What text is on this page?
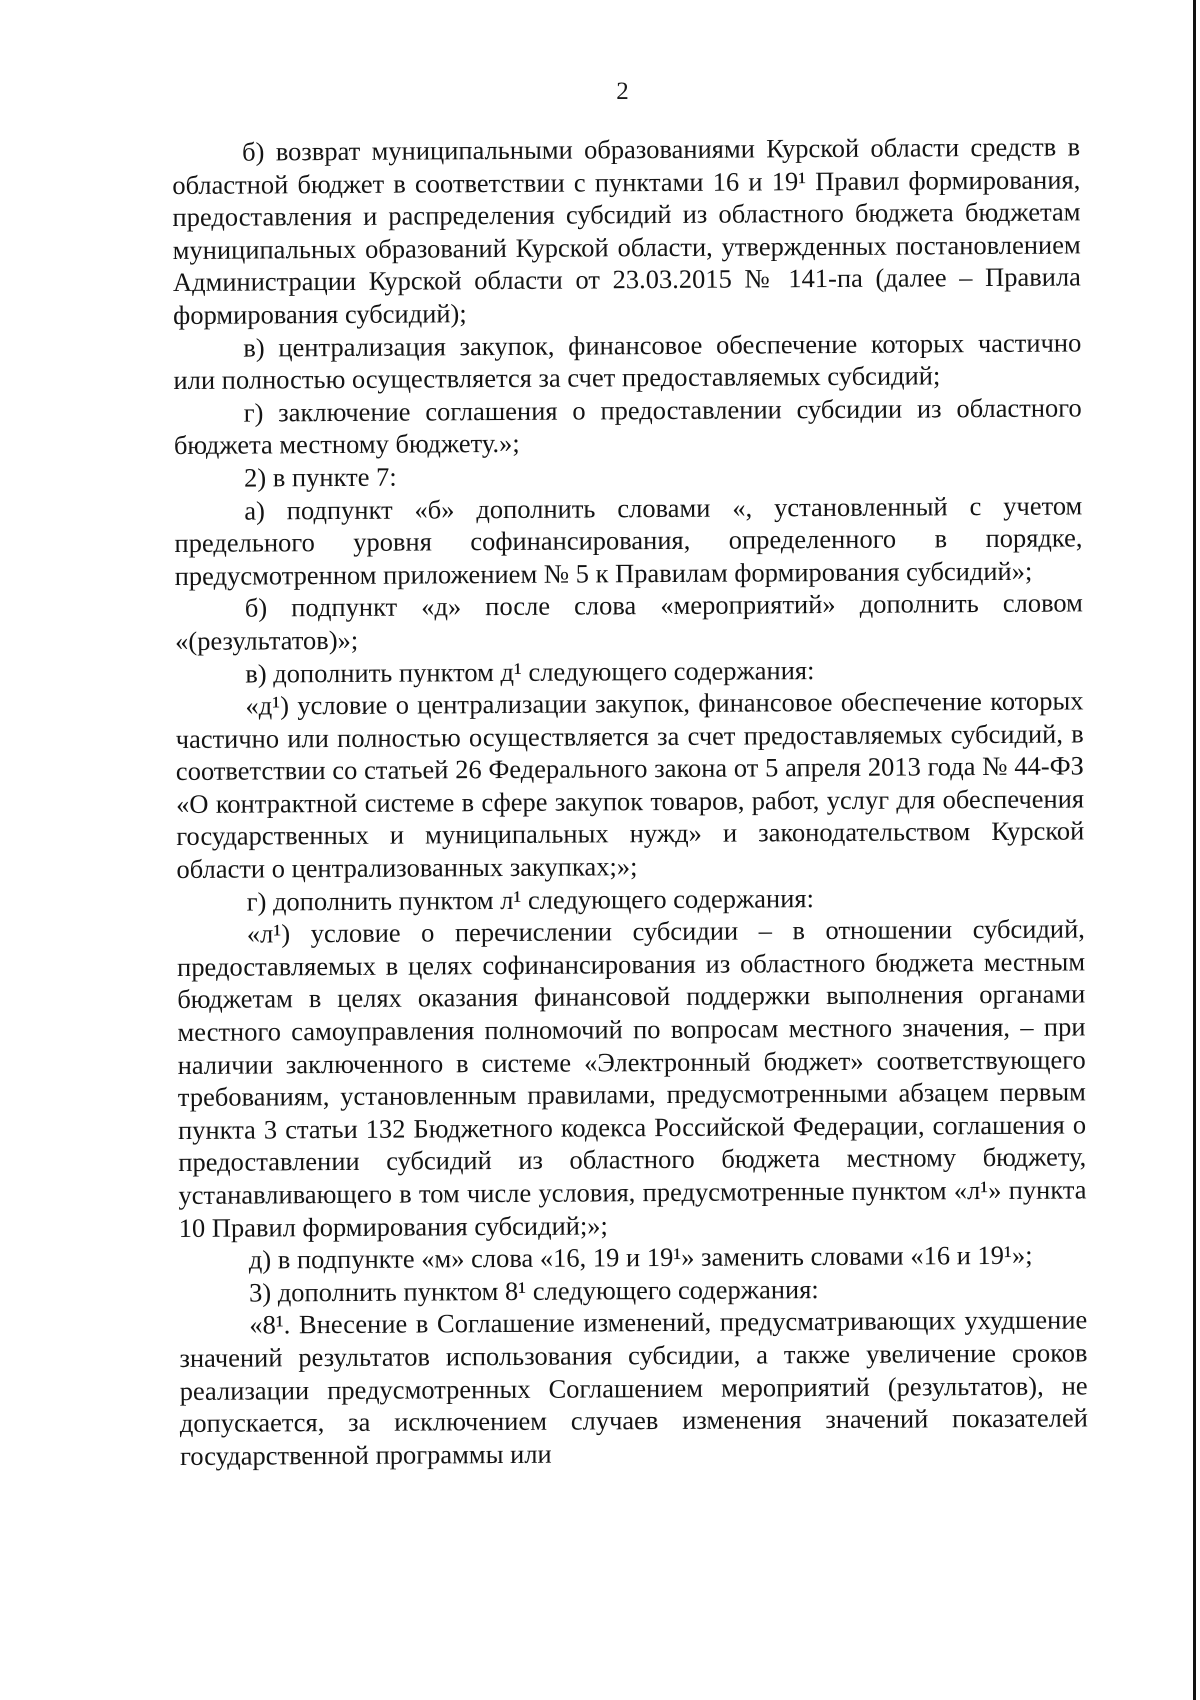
2

б) возврат муниципальными образованиями Курской области средств в областной бюджет в соответствии с пунктами 16 и 19¹ Правил формирования, предоставления и распределения субсидий из областного бюджета бюджетам муниципальных образований Курской области, утвержденных постановлением Администрации Курской области от 23.03.2015 № 141-па (далее – Правила формирования субсидий);

в) централизация закупок, финансовое обеспечение которых частично или полностью осуществляется за счет предоставляемых субсидий;

г) заключение соглашения о предоставлении субсидии из областного бюджета местному бюджету.»;

2) в пункте 7:

а) подпункт «б» дополнить словами «, установленный с учетом предельного уровня софинансирования, определенного в порядке, предусмотренном приложением № 5 к Правилам формирования субсидий»;

б) подпункт «д» после слова «мероприятий» дополнить словом «(результатов)»;

в) дополнить пунктом д¹ следующего содержания:

«д¹) условие о централизации закупок, финансовое обеспечение которых частично или полностью осуществляется за счет предоставляемых субсидий, в соответствии со статьей 26 Федерального закона от 5 апреля 2013 года № 44-ФЗ «О контрактной системе в сфере закупок товаров, работ, услуг для обеспечения государственных и муниципальных нужд» и законодательством Курской области о централизованных закупках;»;

г) дополнить пунктом л¹ следующего содержания:

«л¹) условие о перечислении субсидии – в отношении субсидий, предоставляемых в целях софинансирования из областного бюджета местным бюджетам в целях оказания финансовой поддержки выполнения органами местного самоуправления полномочий по вопросам местного значения, – при наличии заключенного в системе «Электронный бюджет» соответствующего требованиям, установленным правилами, предусмотренными абзацем первым пункта 3 статьи 132 Бюджетного кодекса Российской Федерации, соглашения о предоставлении субсидий из областного бюджета местному бюджету, устанавливающего в том числе условия, предусмотренные пунктом «л¹» пункта 10 Правил формирования субсидий;»;

д) в подпункте «м» слова «16, 19 и 19¹» заменить словами «16 и 19¹»;

3) дополнить пунктом 8¹ следующего содержания:

«8¹. Внесение в Соглашение изменений, предусматривающих ухудшение значений результатов использования субсидии, а также увеличение сроков реализации предусмотренных Соглашением мероприятий (результатов), не допускается, за исключением случаев изменения значений показателей государственной программы или
